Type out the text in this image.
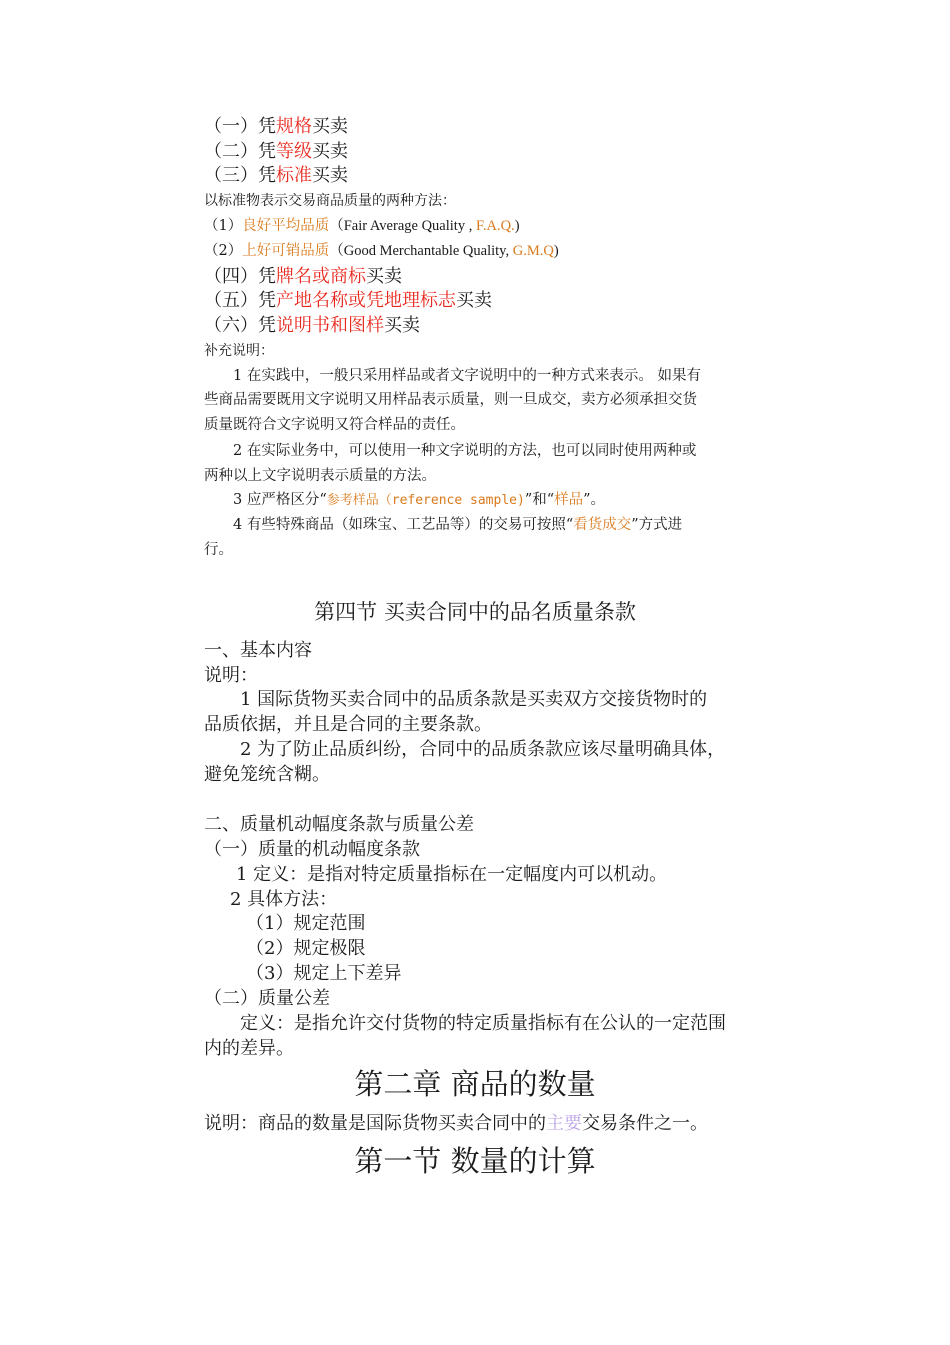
（一）凭规格买卖
（二）凭等级买卖
（三）凭标准买卖
以标准物表示交易商品质量的两种方法：
（1）良好平均品质（Fair Average Quality , F.A.Q.)
（2）上好可销品质（Good Merchantable Quality, G.M.Q)
（四）凭牌名或商标买卖
（五）凭产地名称或凭地理标志买卖
（六）凭说明书和图样买卖
补充说明：
1 在实践中，一般只采用样品或者文字说明中的一种方式来表示。 如果有
些商品需要既用文字说明又用样品表示质量，则一旦成交，卖方必须承担交货
质量既符合文字说明又符合样品的责任。
2 在实际业务中，可以使用一种文字说明的方法，也可以同时使用两种或
两种以上文字说明表示质量的方法。
3 应严格区分“参考样品（reference sample)”和“样品”。
4 有些特殊商品（如珠宝、工艺品等）的交易可按照“看货成交”方式进
行。
第四节 买卖合同中的品名质量条款
一、基本内容
说明：
1 国际货物买卖合同中的品质条款是买卖双方交接货物时的
品质依据，并且是合同的主要条款。
2 为了防止品质纠纷，合同中的品质条款应该尽量明确具体，
避免笼统含糊。
二、质量机动幅度条款与质量公差
（一）质量的机动幅度条款
1 定义：是指对特定质量指标在一定幅度内可以机动。
2 具体方法：
（1）规定范围
（2）规定极限
（3）规定上下差异
（二）质量公差
定义：是指允许交付货物的特定质量指标有在公认的一定范围
内的差异。
第二章 商品的数量
说明：商品的数量是国际货物买卖合同中的主要交易条件之一。
第一节 数量的计算
